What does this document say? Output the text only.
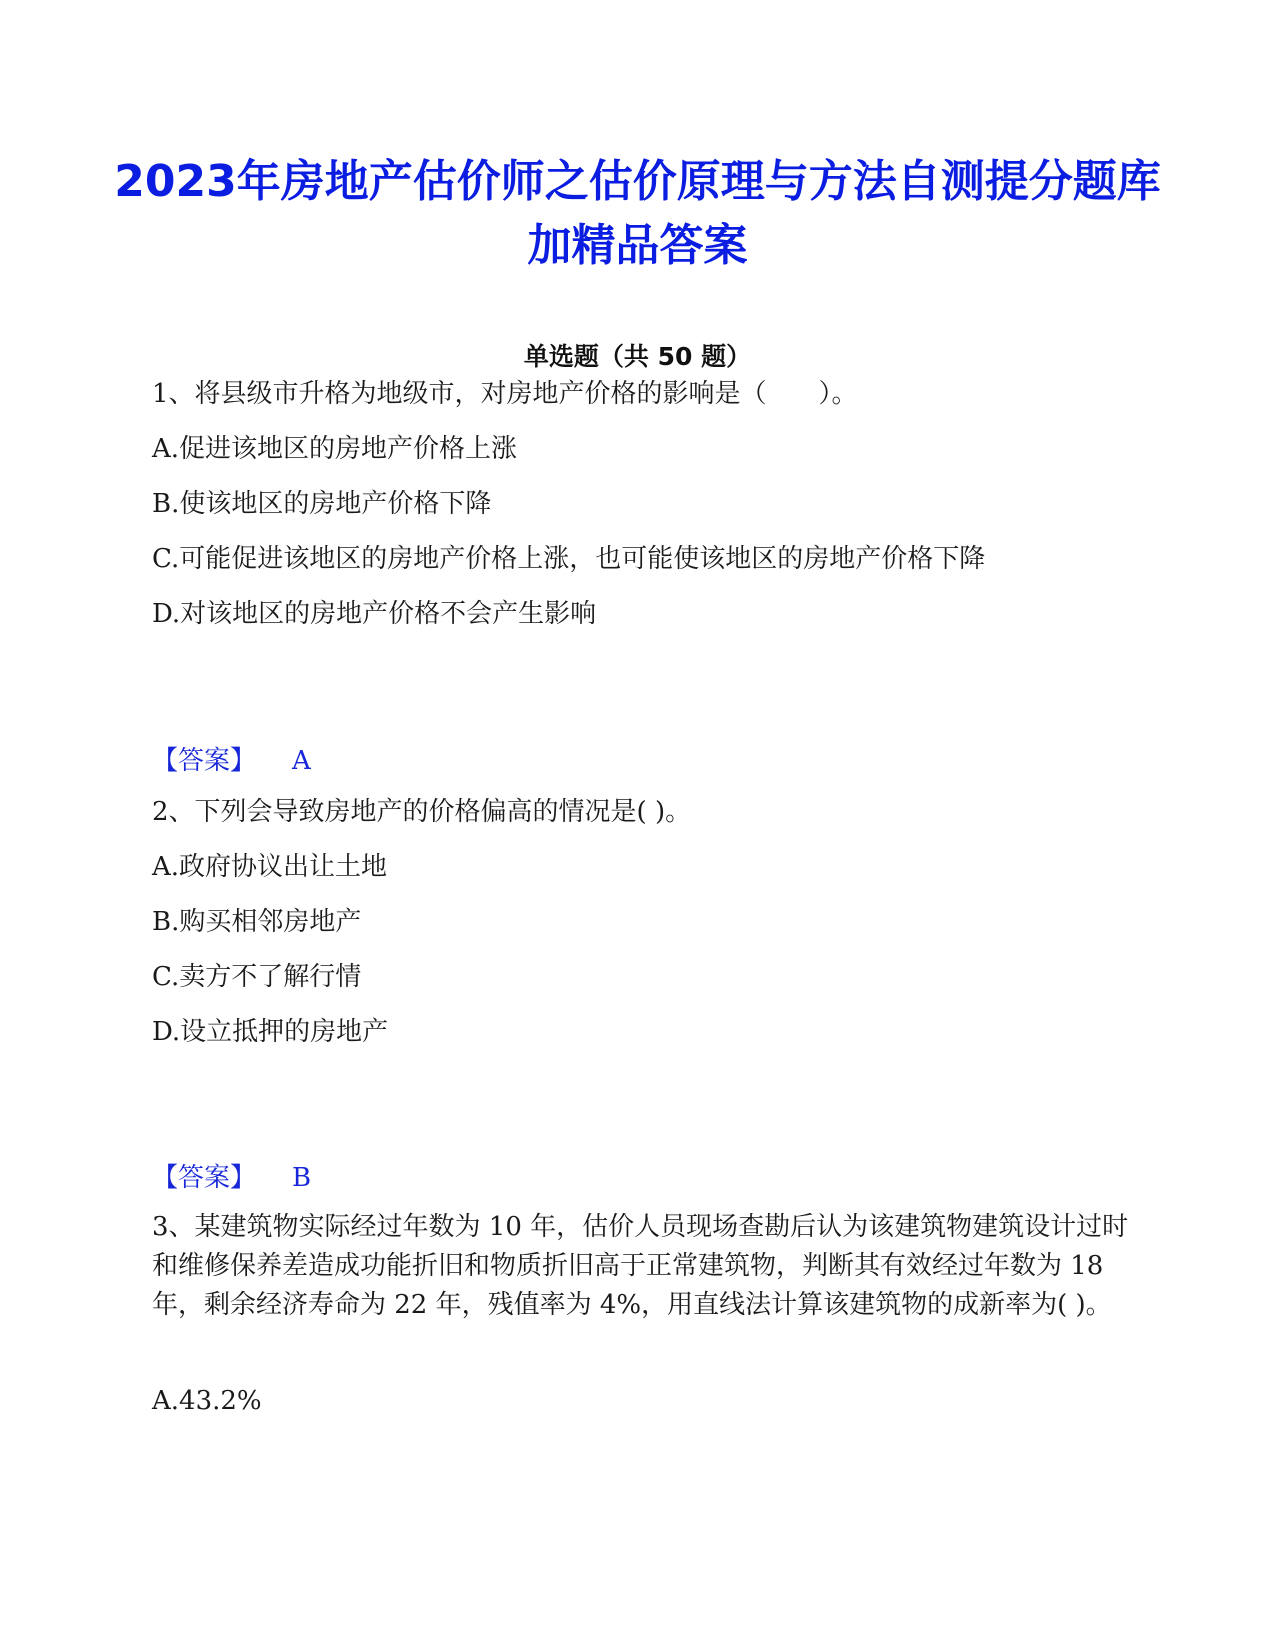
2023年房地产估价师之估价原理与方法自测提分题库加精品答案
单选题（共 50 题）
1、将县级市升格为地级市，对房地产价格的影响是（　　）。
A.促进该地区的房地产价格上涨
B.使该地区的房地产价格下降
C.可能促进该地区的房地产价格上涨，也可能使该地区的房地产价格下降
D.对该地区的房地产价格不会产生影响
【答案】 A
2、下列会导致房地产的价格偏高的情况是( )。
A.政府协议出让土地
B.购买相邻房地产
C.卖方不了解行情
D.设立抵押的房地产
【答案】 B
3、某建筑物实际经过年数为 10 年，估价人员现场查勘后认为该建筑物建筑设计过时和维修保养差造成功能折旧和物质折旧高于正常建筑物，判断其有效经过年数为 18 年，剩余经济寿命为 22 年，残值率为 4%，用直线法计算该建筑物的成新率为( )。
A.43.2%
